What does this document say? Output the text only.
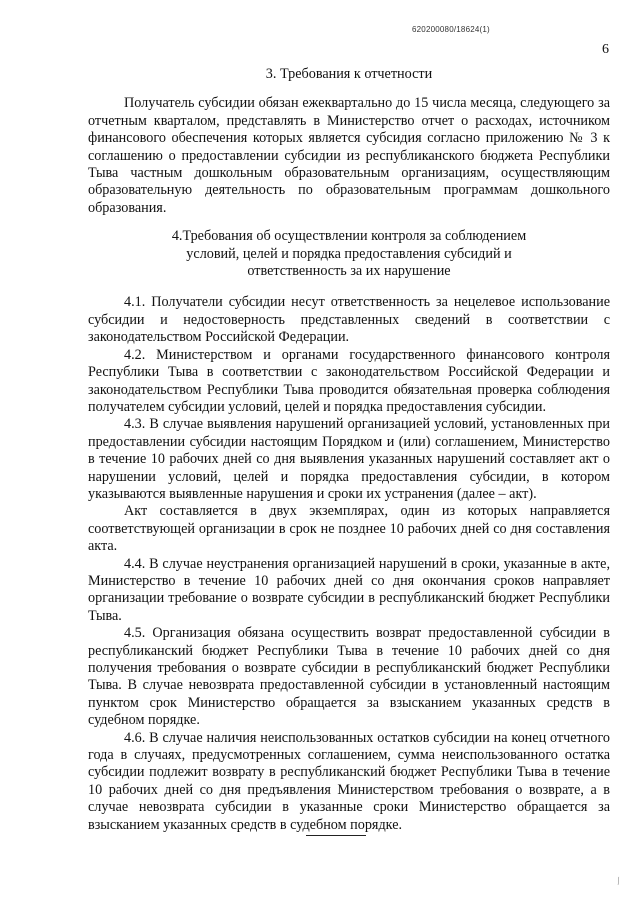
620200080/18624(1)
6
3. Требования к отчетности

Получатель субсидии обязан ежеквартально до 15 числа месяца, следующего за отчетным кварталом, представлять в Министерство отчет о расходах, источником финансового обеспечения которых является субсидия согласно приложению № 3 к соглашению о предоставлении субсидии из республиканского бюджета Республики Тыва частным дошкольным образовательным организациям, осуществляющим образовательную деятельность по образовательным программам дошкольного образования.

4.Требования об осуществлении контроля за соблюдением
условий, целей и порядка предоставления субсидий и
ответственность за их нарушение

4.1. Получатели субсидии несут ответственность за нецелевое использование субсидии и недостоверность представленных сведений в соответствии с законодательством Российской Федерации.

4.2. Министерством и органами государственного финансового контроля Республики Тыва в соответствии с законодательством Российской Федерации и законодательством Республики Тыва проводится обязательная проверка соблюдения получателем субсидии условий, целей и порядка предоставления субсидии.

4.3. В случае выявления нарушений организацией условий, установленных при предоставлении субсидии настоящим Порядком и (или) соглашением, Министерство в течение 10 рабочих дней со дня выявления указанных нарушений составляет акт о нарушении условий, целей и порядка предоставления субсидии, в котором указываются выявленные нарушения и сроки их устранения (далее – акт).

Акт составляется в двух экземплярах, один из которых направляется соответствующей организации в срок не позднее 10 рабочих дней со дня составления акта.

4.4. В случае неустранения организацией нарушений в сроки, указанные в акте, Министерство в течение 10 рабочих дней со дня окончания сроков направляет организации требование о возврате субсидии в республиканский бюджет Республики Тыва.

4.5. Организация обязана осуществить возврат предоставленной субсидии в республиканский бюджет Республики Тыва в течение 10 рабочих дней со дня получения требования о возврате субсидии в республиканский бюджет Республики Тыва. В случае невозврата предоставленной субсидии в установленный настоящим пунктом срок Министерство обращается за взысканием указанных средств в судебном порядке.

4.6. В случае наличия неиспользованных остатков субсидии на конец отчетного года в случаях, предусмотренных соглашением, сумма неиспользованного остатка субсидии подлежит возврату в республиканский бюджет Республики Тыва в течение 10 рабочих дней со дня предъявления Министерством требования о возврате, а в случае невозврата субсидии в указанные сроки Министерство обращается за взысканием указанных средств в судебном порядке.

⁄
